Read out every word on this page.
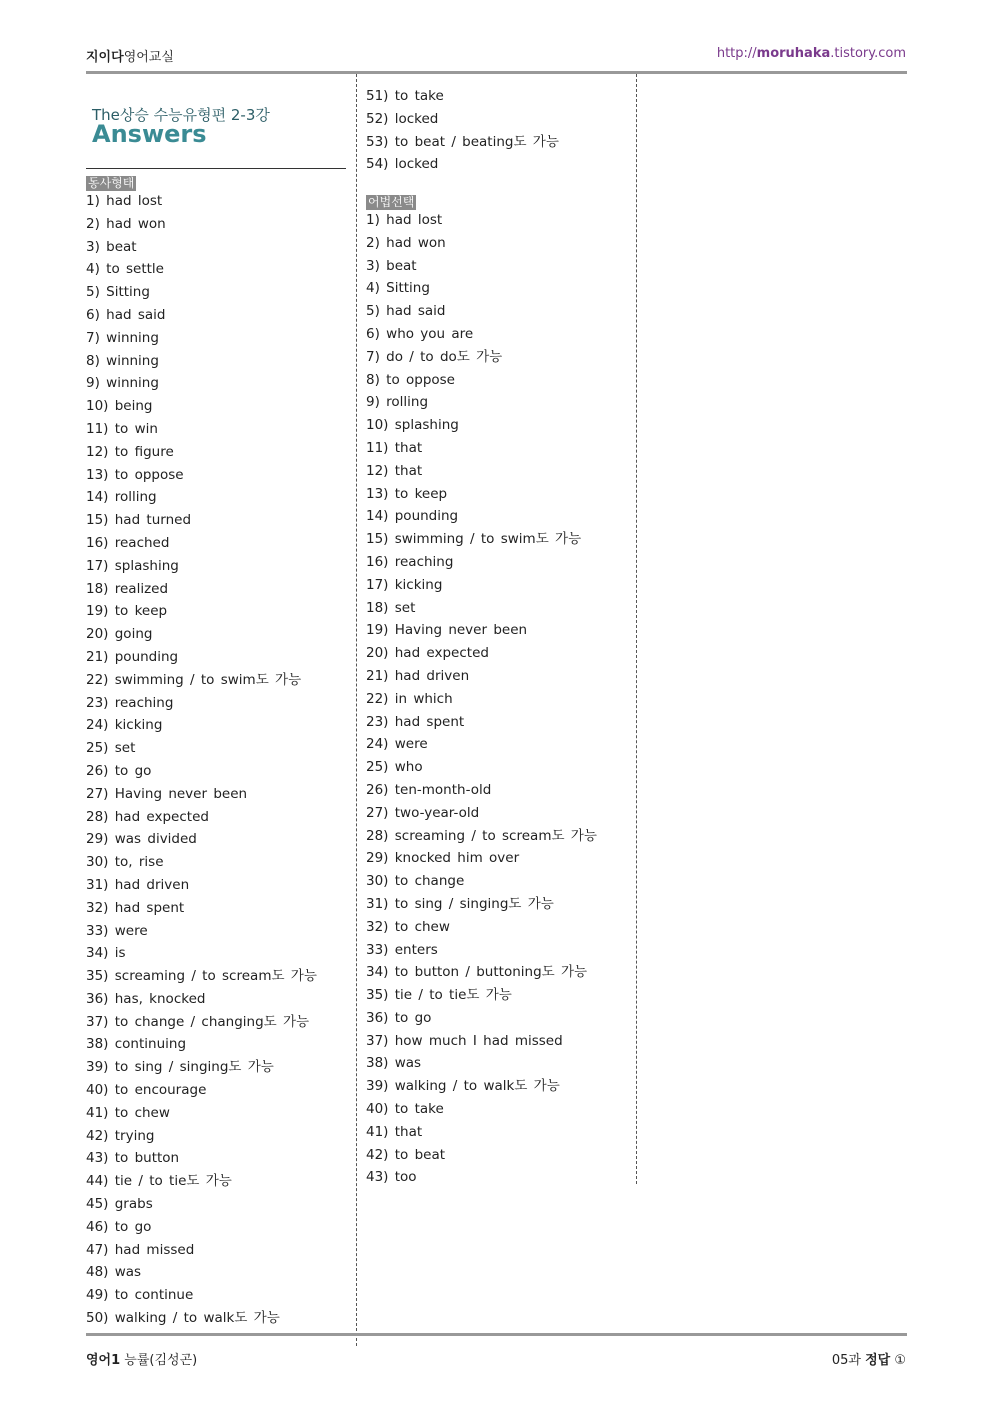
지이다영어교실	http://moruhaka.tistory.com
The상승 수능유형편 2-3강
Answers
동사형태
1) had lost
2) had won
3) beat
4) to settle
5) Sitting
6) had said
7) winning
8) winning
9) winning
10) being
11) to win
12) to figure
13) to oppose
14) rolling
15) had turned
16) reached
17) splashing
18) realized
19) to keep
20) going
21) pounding
22) swimming / to swim도 가능
23) reaching
24) kicking
25) set
26) to go
27) Having never been
28) had expected
29) was divided
30) to, rise
31) had driven
32) had spent
33) were
34) is
35) screaming / to scream도 가능
36) has, knocked
37) to change / changing도 가능
38) continuing
39) to sing / singing도 가능
40) to encourage
41) to chew
42) trying
43) to button
44) tie / to tie도 가능
45) grabs
46) to go
47) had missed
48) was
49) to continue
50) walking / to walk도 가능
51) to take
52) locked
53) to beat / beating도 가능
54) locked
어법선택
1) had lost
2) had won
3) beat
4) Sitting
5) had said
6) who you are
7) do / to do도 가능
8) to oppose
9) rolling
10) splashing
11) that
12) that
13) to keep
14) pounding
15) swimming / to swim도 가능
16) reaching
17) kicking
18) set
19) Having never been
20) had expected
21) had driven
22) in which
23) had spent
24) were
25) who
26) ten-month-old
27) two-year-old
28) screaming / to scream도 가능
29) knocked him over
30) to change
31) to sing / singing도 가능
32) to chew
33) enters
34) to button / buttoning도 가능
35) tie / to tie도 가능
36) to go
37) how much I had missed
38) was
39) walking / to walk도 가능
40) to take
41) that
42) to beat
43) too
영어1 능률(김성곤)	05과 정답 ①
